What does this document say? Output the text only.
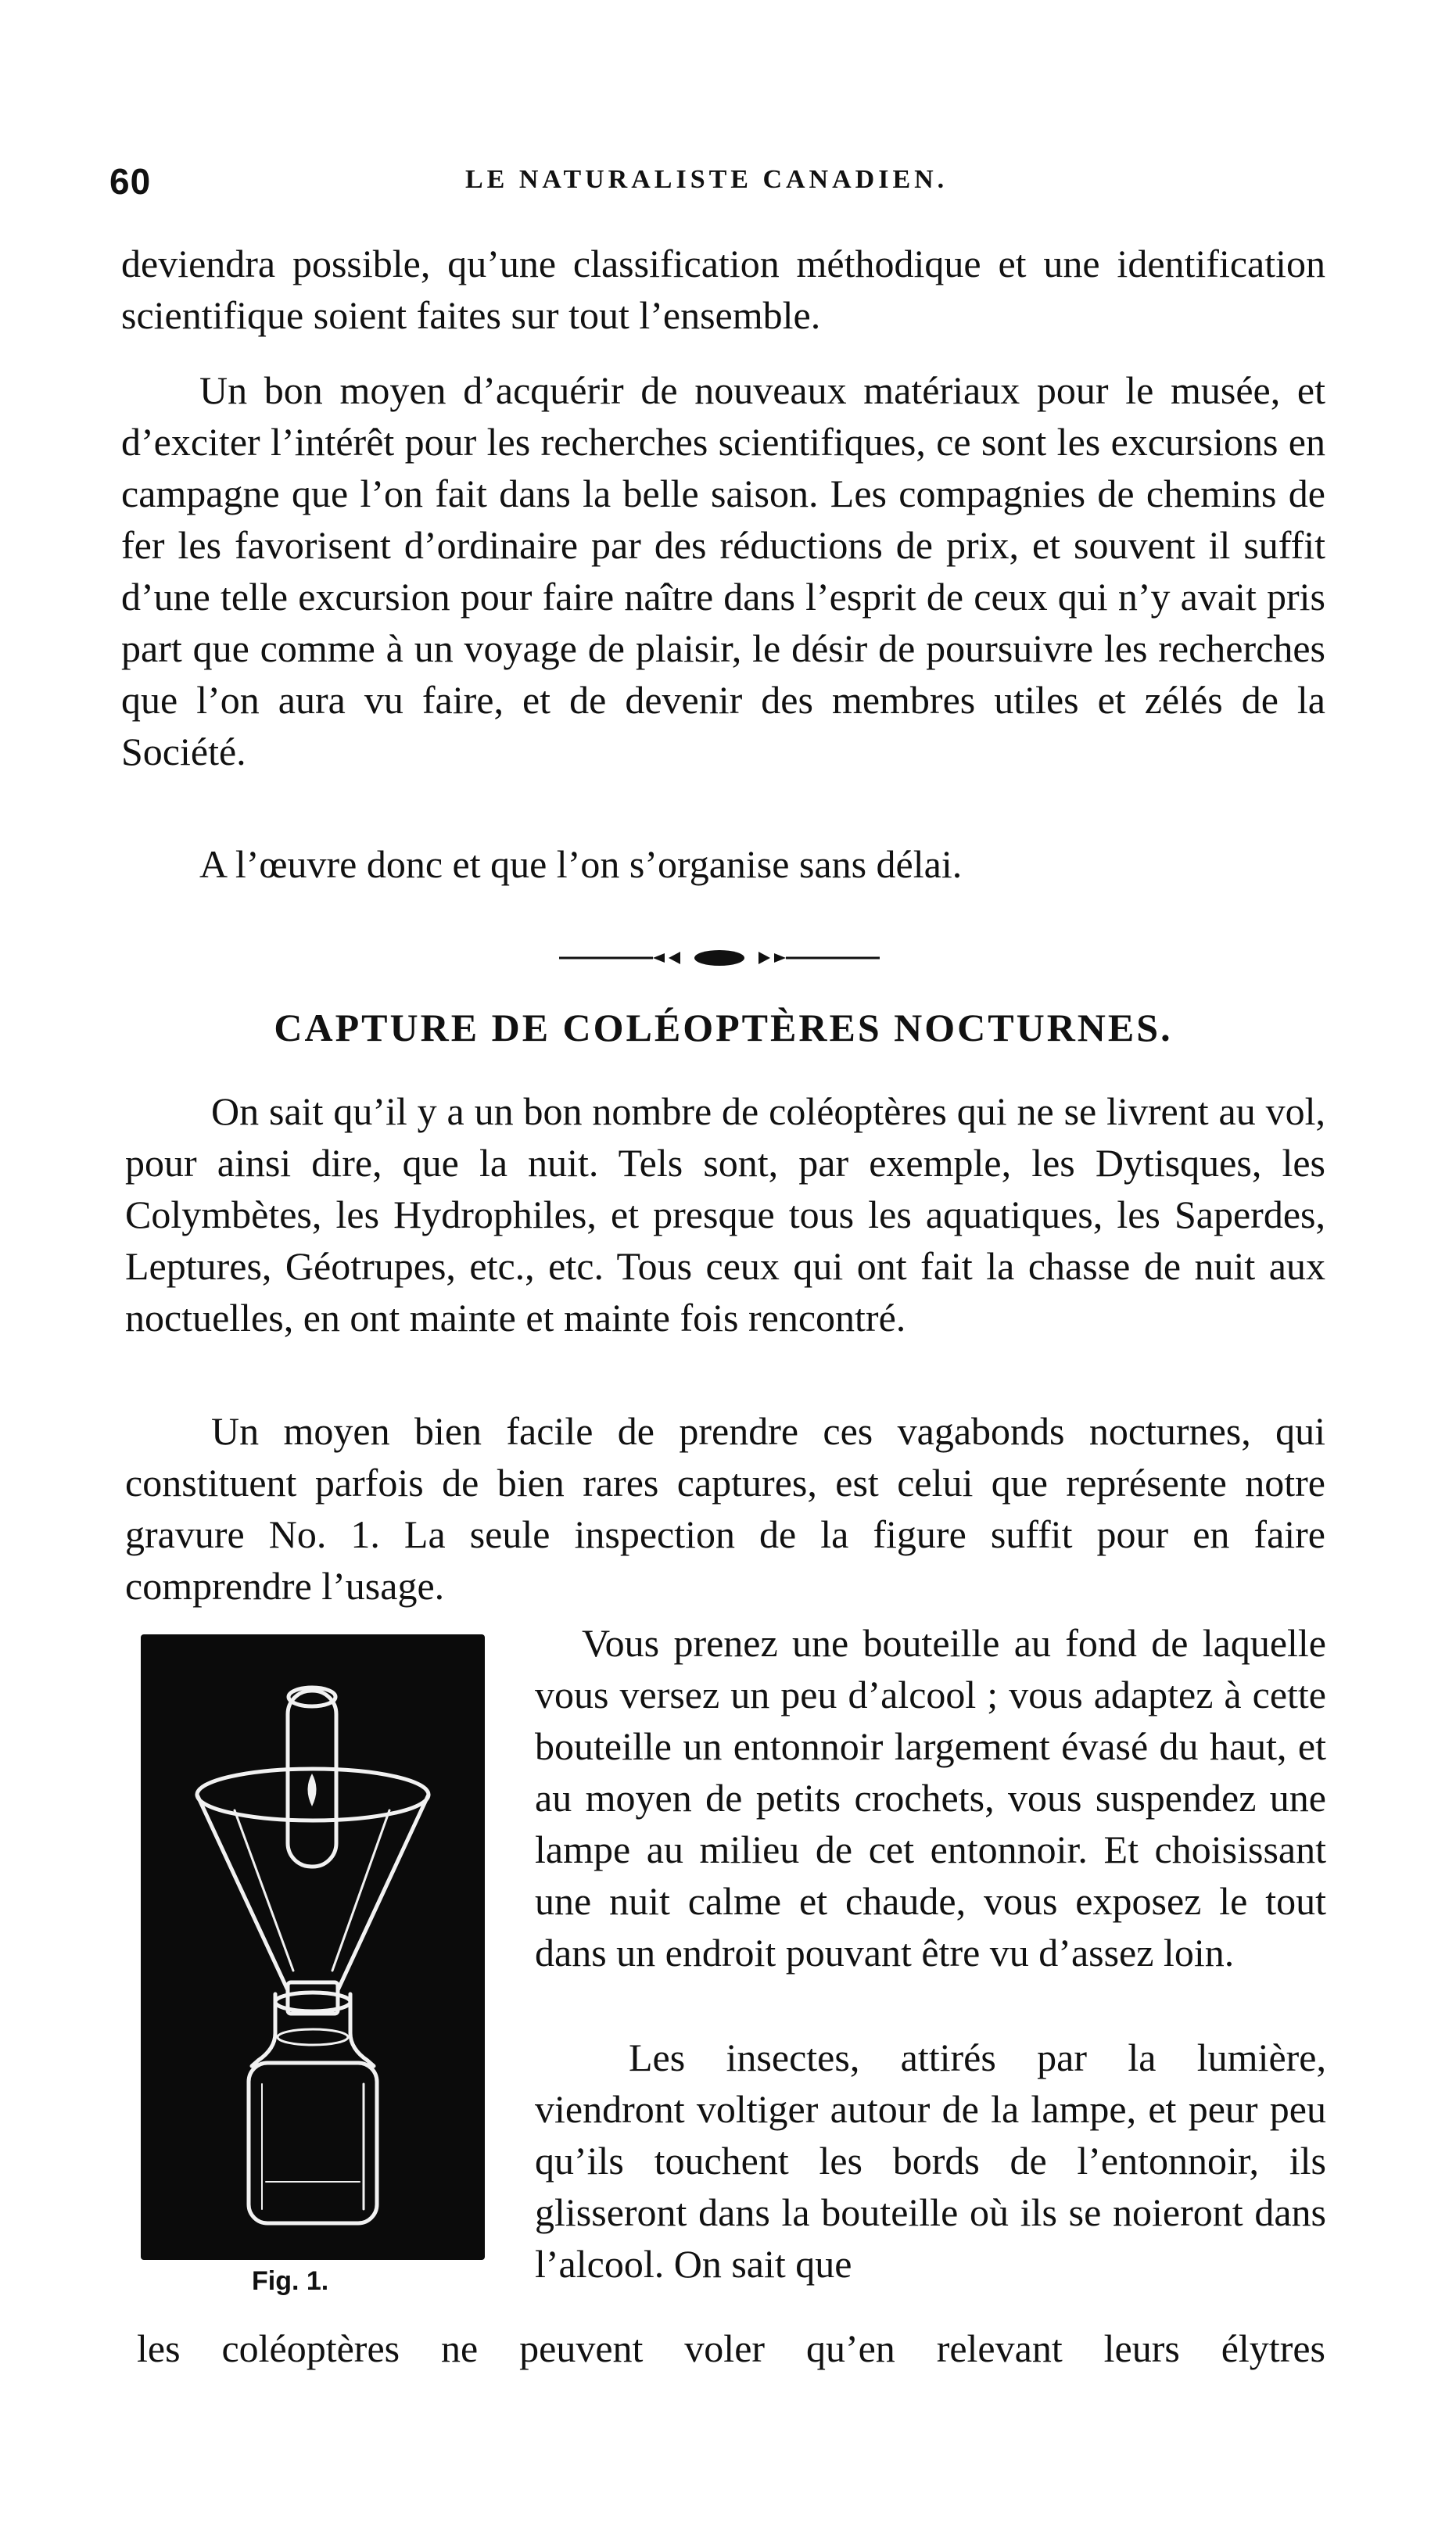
60	LE NATURALISTE CANADIEN.

deviendra possible, qu’une classification méthodique et une identification scientifique soient faites sur tout l’ensemble.

Un bon moyen d’acquérir de nouveaux matériaux pour le musée, et d’exciter l’intérêt pour les recherches scientifiques, ce sont les excursions en campagne que l’on fait dans la belle saison. Les compagnies de chemins de fer les favorisent d’ordinaire par des réductions de prix, et souvent il suffit d’une telle excursion pour faire naître dans l’esprit de ceux qui n’y avait pris part que comme à un voyage de plaisir, le désir de poursuivre les recherches que l’on aura vu faire, et de devenir des membres utiles et zélés de la Société.

A l’œuvre donc et que l’on s’organise sans délai.

CAPTURE DE COLÉOPTÈRES NOCTURNES.

On sait qu’il y a un bon nombre de coléoptères qui ne se livrent au vol, pour ainsi dire, que la nuit. Tels sont, par exemple, les Dytisques, les Colymbètes, les Hydrophiles, et presque tous les aquatiques, les Saperdes, Leptures, Géotrupes, etc., etc. Tous ceux qui ont fait la chasse de nuit aux noctuelles, en ont mainte et mainte fois rencontré.

Un moyen bien facile de prendre ces vagabonds nocturnes, qui constituent parfois de bien rares captures, est celui que représente notre gravure No. 1. La seule inspection de la figure suffit pour en faire comprendre l’usage.

Fig. 1.

Vous prenez une bouteille au fond de laquelle vous versez un peu d’alcool ; vous adaptez à cette bouteille un entonnoir largement évasé du haut, et au moyen de petits crochets, vous suspendez une lampe au milieu de cet entonnoir. Et choisissant une nuit calme et chaude, vous exposez le tout dans un endroit pouvant être vu d’assez loin.

Les insectes, attirés par la lumière, viendront voltiger autour de la lampe, et peur peu qu’ils touchent les bords de l’entonnoir, ils glisseront dans la bouteille où ils se noieront dans l’alcool. On sait que

les coléoptères ne peuvent voler qu’en relevant leurs élytres
